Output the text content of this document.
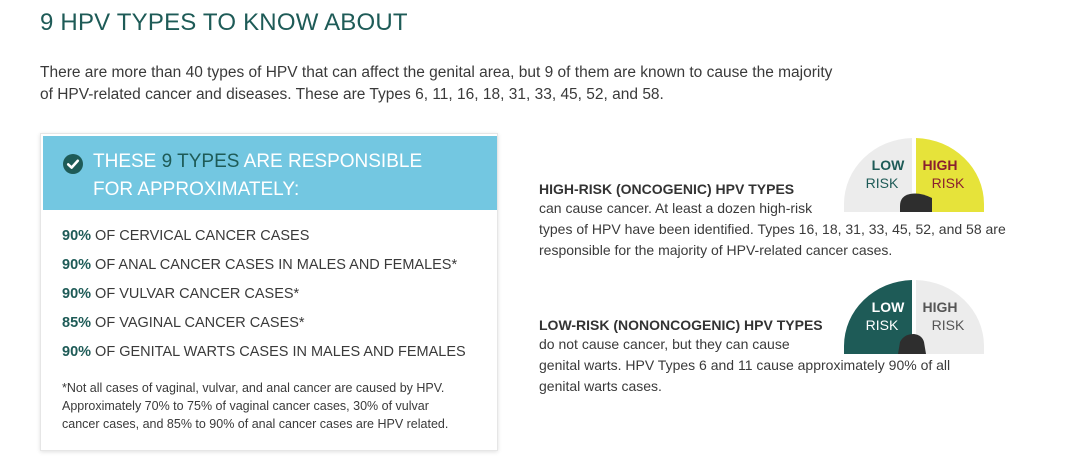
9 HPV TYPES TO KNOW ABOUT
There are more than 40 types of HPV that can affect the genital area, but 9 of them are known to cause the majority
of HPV-related cancer and diseases. These are Types 6, 11, 16, 18, 31, 33, 45, 52, and 58.
THESE 9 TYPES ARE RESPONSIBLE
FOR APPROXIMATELY:
90% OF CERVICAL CANCER CASES
90% OF ANAL CANCER CASES IN MALES AND FEMALES*
90% OF VULVAR CANCER CASES*
85% OF VAGINAL CANCER CASES*
90% OF GENITAL WARTS CASES IN MALES AND FEMALES
*Not all cases of vaginal, vulvar, and anal cancer are caused by HPV.
Approximately 70% to 75% of vaginal cancer cases, 30% of vulvar
cancer cases, and 85% to 90% of anal cancer cases are HPV related.
LOW
RISK
HIGH
RISK
HIGH-RISK (ONCOGENIC) HPV TYPES
can cause cancer. At least a dozen high-risk
types of HPV have been identified. Types 16, 18, 31, 33, 45, 52, and 58 are
responsible for the majority of HPV-related cancer cases.
LOW
RISK
HIGH
RISK
LOW-RISK (NONONCOGENIC) HPV TYPES
do not cause cancer, but they can cause
genital warts. HPV Types 6 and 11 cause approximately 90% of all
genital warts cases.
